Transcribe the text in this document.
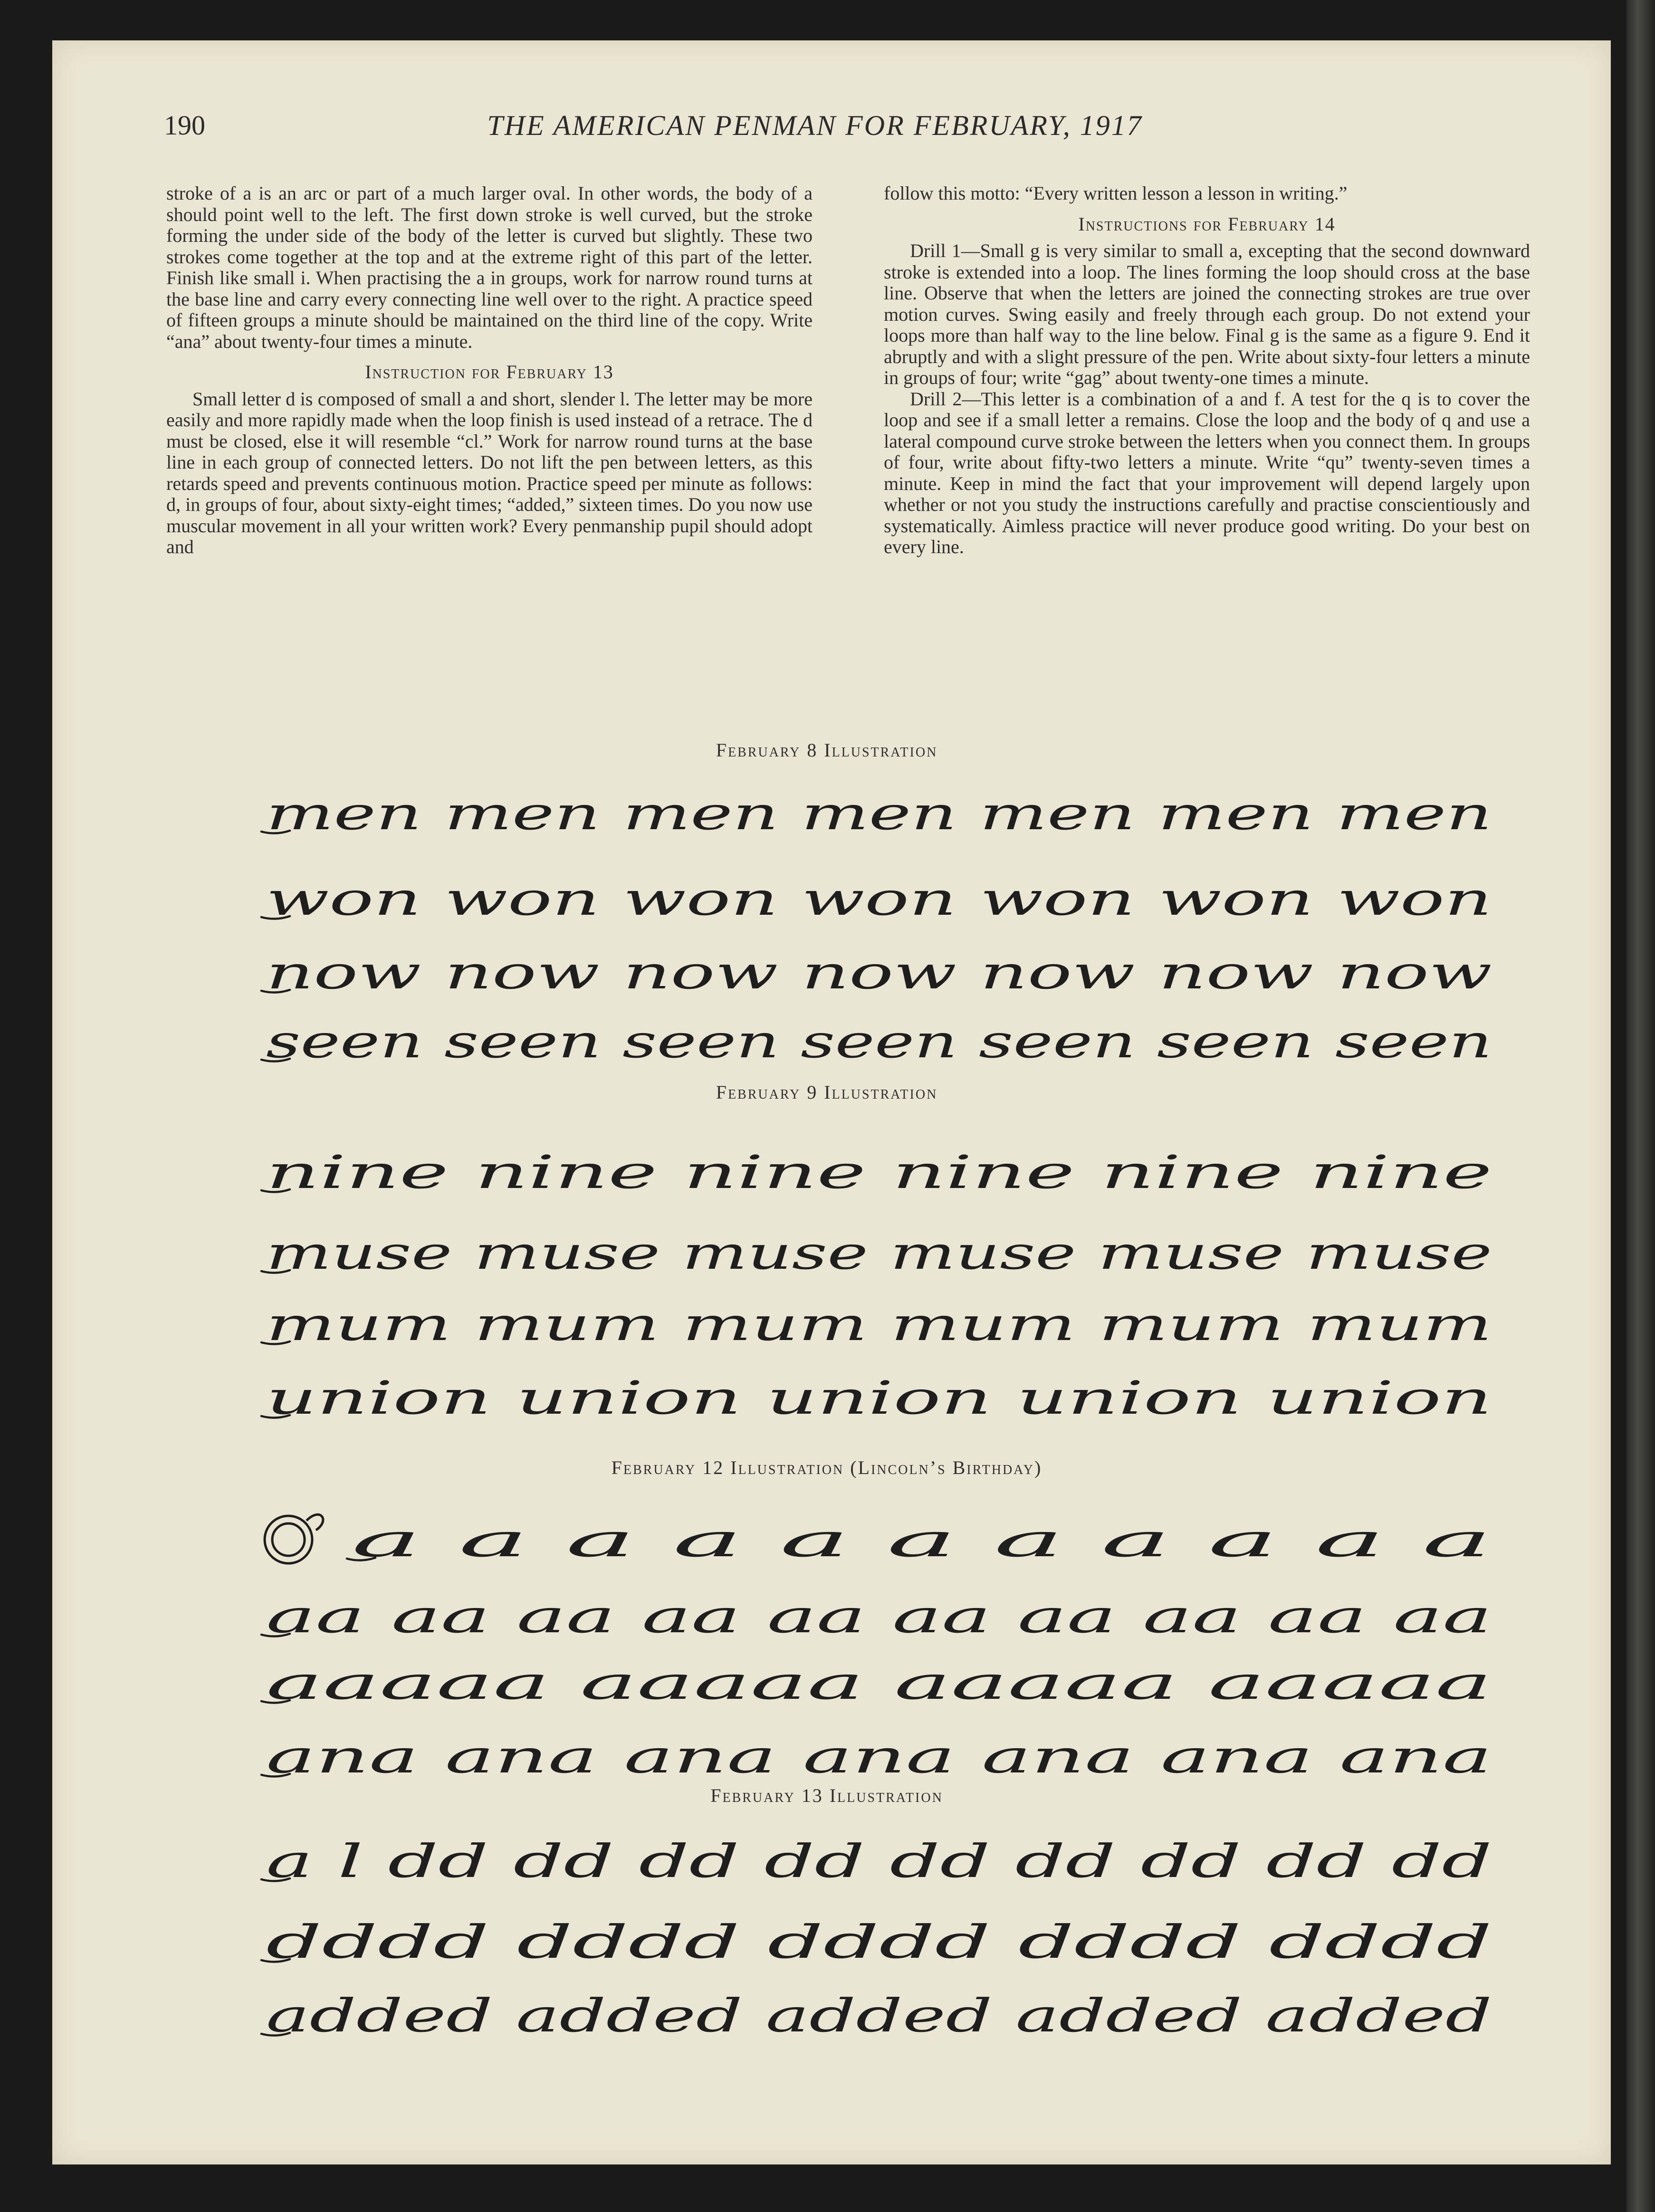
190	THE AMERICAN PENMAN FOR FEBRUARY, 1917

stroke of a is an arc or part of a much larger oval. In other words, the body of a should point well to the left. The first down stroke is well curved, but the stroke forming the under side of the body of the letter is curved but slightly. These two strokes come together at the top and at the extreme right of this part of the letter. Finish like small i. When practising the a in groups, work for narrow round turns at the base line and carry every connecting line well over to the right. A practice speed of fifteen groups a minute should be maintained on the third line of the copy. Write “ana” about twenty-four times a minute.

Instruction for February 13

Small letter d is composed of small a and short, slender l. The letter may be more easily and more rapidly made when the loop finish is used instead of a retrace. The d must be closed, else it will resemble “cl.” Work for narrow round turns at the base line in each group of connected letters. Do not lift the pen between letters, as this retards speed and prevents continuous motion. Practice speed per minute as follows: d, in groups of four, about sixty-eight times; “added,” sixteen times. Do you now use muscular movement in all your written work? Every penmanship pupil should adopt and

follow this motto: “Every written lesson a lesson in writing.”

Instructions for February 14

Drill 1—Small g is very similar to small a, excepting that the second downward stroke is extended into a loop. The lines forming the loop should cross at the base line. Observe that when the letters are joined the connecting strokes are true over motion curves. Swing easily and freely through each group. Do not extend your loops more than half way to the line below. Final g is the same as a figure 9. End it abruptly and with a slight pressure of the pen. Write about sixty-four letters a minute in groups of four; write “gag” about twenty-one times a minute.

Drill 2—This letter is a combination of a and f. A test for the q is to cover the loop and see if a small letter a remains. Close the loop and the body of q and use a lateral compound curve stroke between the letters when you connect them. In groups of four, write about fifty-two letters a minute. Write “qu” twenty-seven times a minute. Keep in mind the fact that your improvement will depend largely upon whether or not you study the instructions carefully and practise conscientiously and systematically. Aimless practice will never produce good writing. Do your best on every line.

February 8 Illustration
February 9 Illustration
February 12 Illustration (Lincoln’s Birthday)
February 13 Illustration
men men men men men men men
won won won won won won won
now now now now now now now
seen seen seen seen seen seen seen
nine nine nine nine nine nine
muse muse muse muse muse muse
mum mum mum mum mum mum
union union union union union
a a a a a a a a a a a
aa aa aa aa aa aa aa aa aa aa
aaaaa aaaaa aaaaa aaaaa
ana ana ana ana ana ana ana
a l dd dd dd dd dd dd dd dd dd
dddd dddd dddd dddd dddd
added added added added added
